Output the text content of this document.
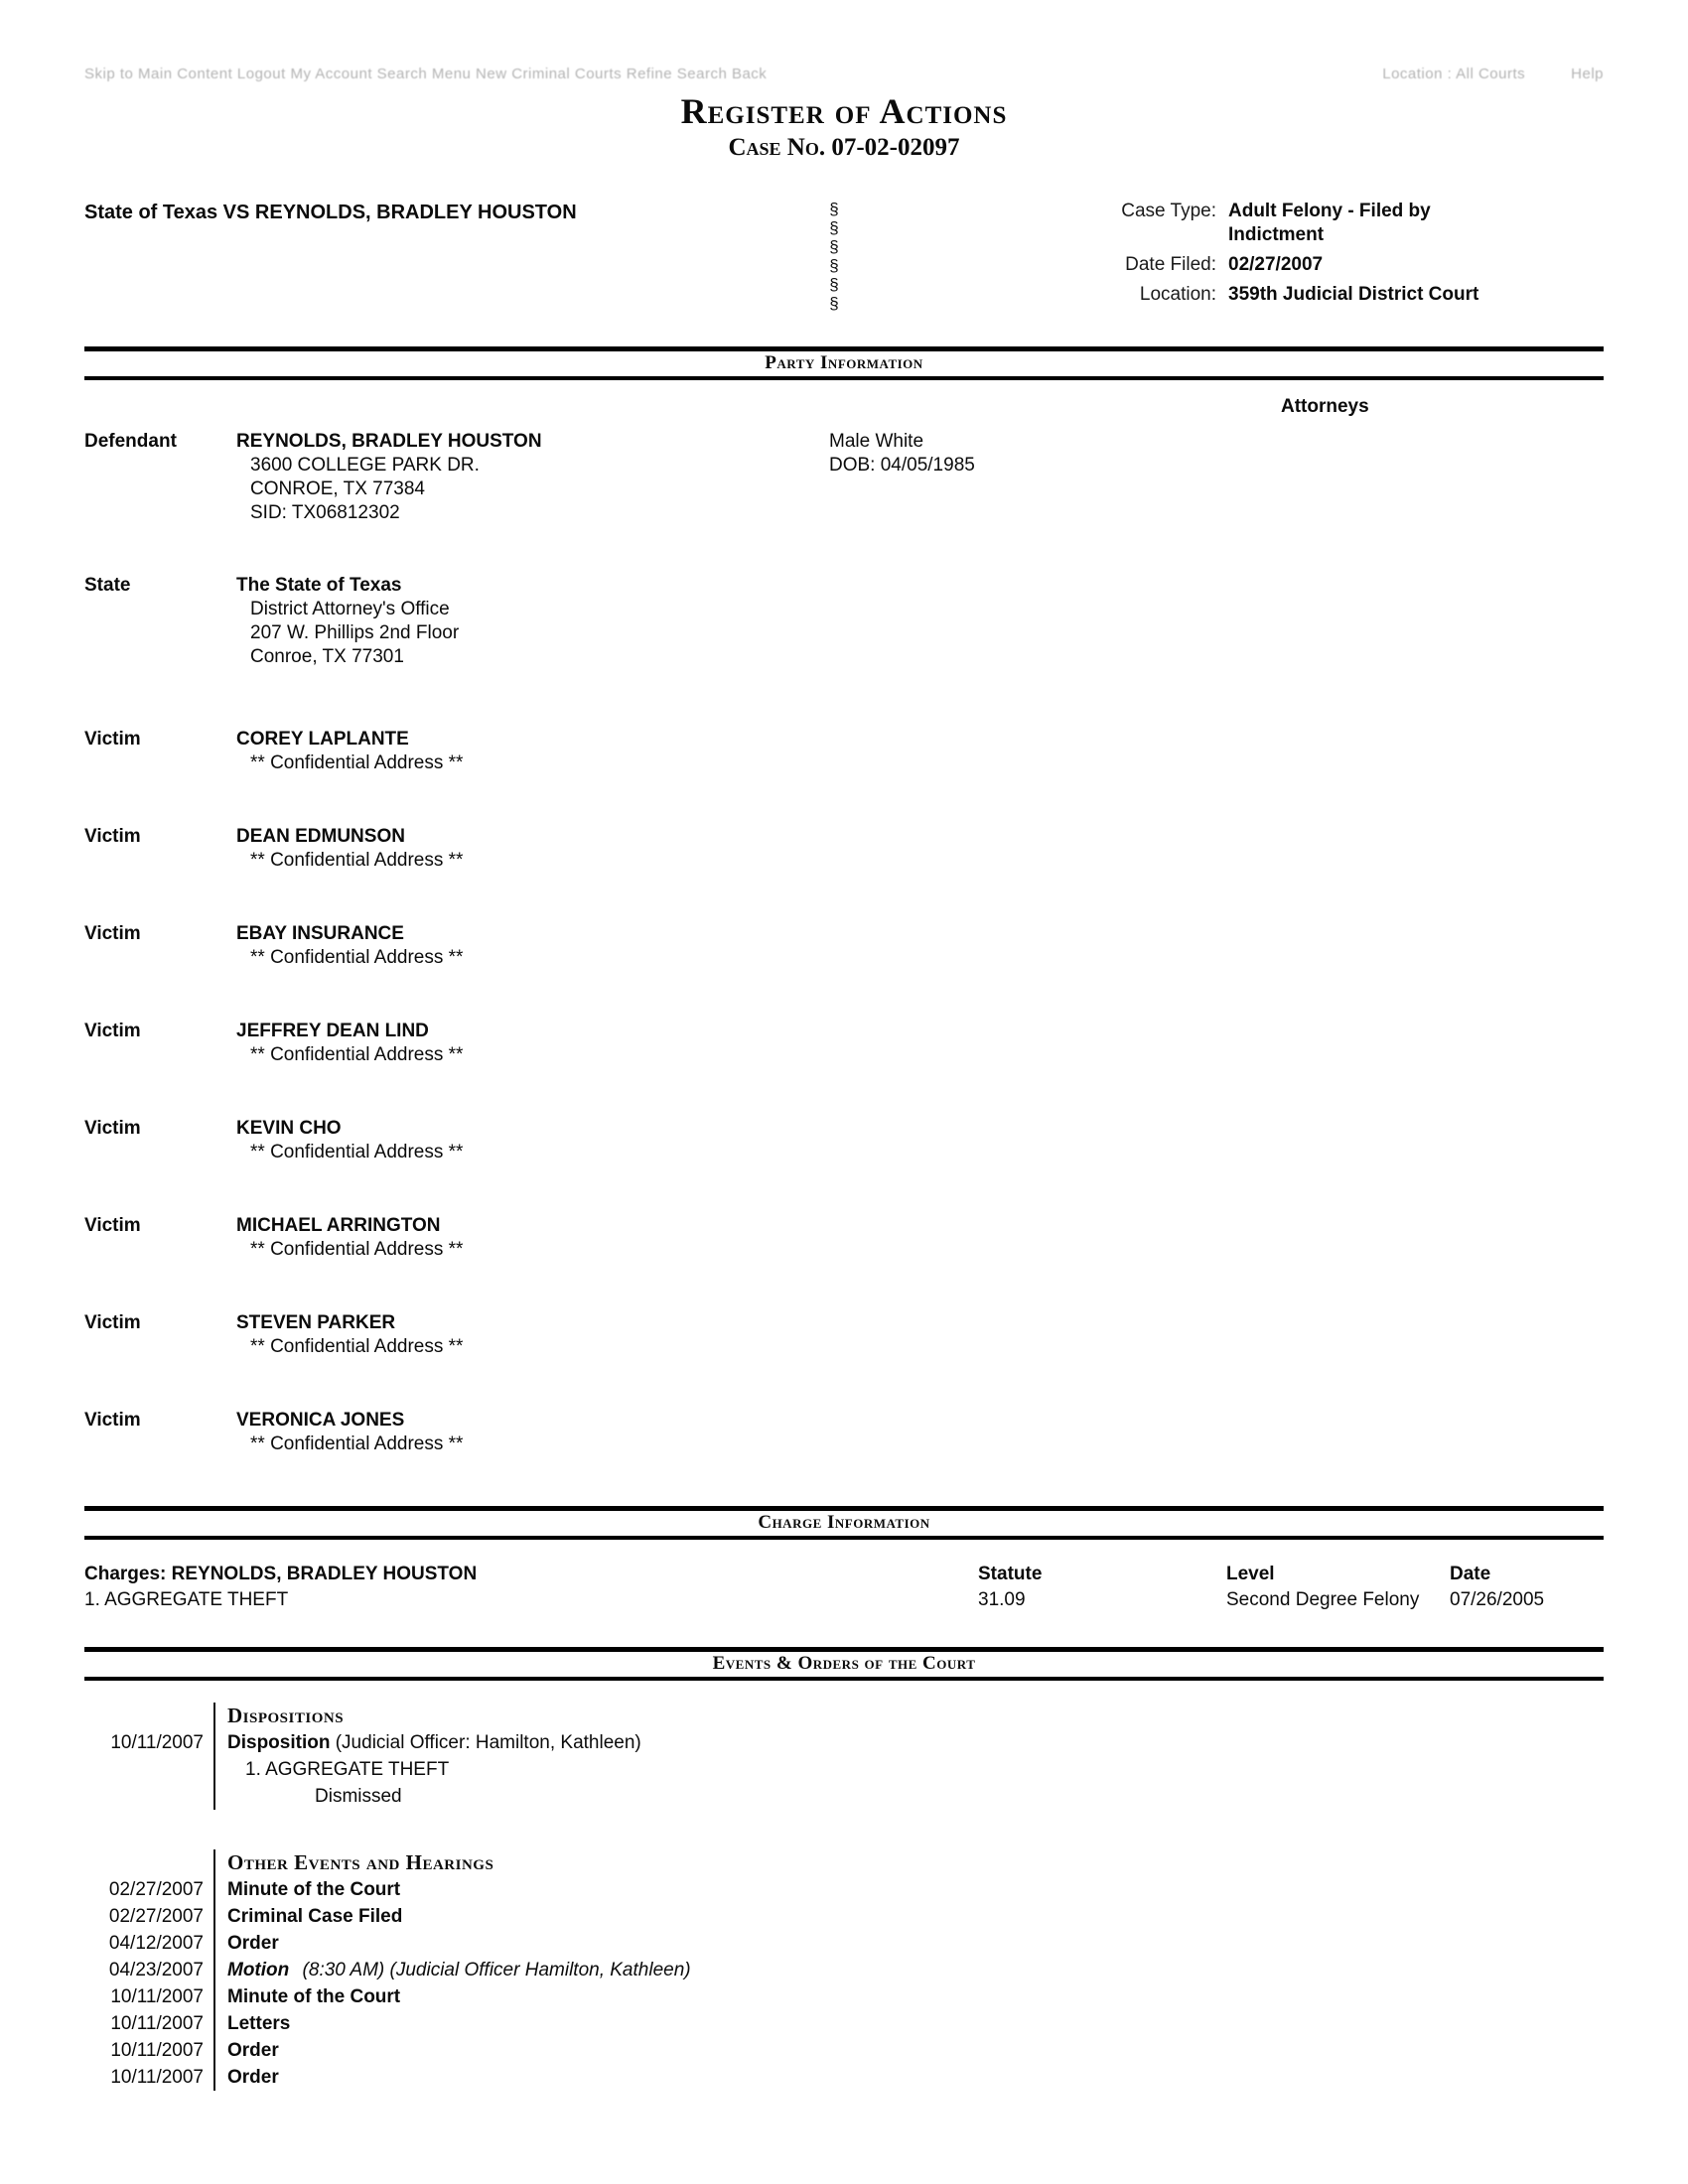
Skip to Main Content Logout My Account Search Menu New Criminal Courts Refine Search Back	Location : All Courts	Help
Register of Actions
Case No. 07-02-02097
State of Texas VS REYNOLDS, BRADLEY HOUSTON	§
§
§
§
§
§
Case Type: Adult Felony - Filed by Indictment
Date Filed: 02/27/2007
Location: 359th Judicial District Court
Party Information
Attorneys
Defendant	REYNOLDS, BRADLEY HOUSTON
3600 COLLEGE PARK DR.
CONROE, TX 77384
SID: TX06812302
Male White
DOB: 04/05/1985
State	The State of Texas
District Attorney's Office
207 W. Phillips 2nd Floor
Conroe, TX 77301
Victim	COREY LAPLANTE
** Confidential Address **
Victim	DEAN EDMUNSON
** Confidential Address **
Victim	EBAY INSURANCE
** Confidential Address **
Victim	JEFFREY DEAN LIND
** Confidential Address **
Victim	KEVIN CHO
** Confidential Address **
Victim	MICHAEL ARRINGTON
** Confidential Address **
Victim	STEVEN PARKER
** Confidential Address **
Victim	VERONICA JONES
** Confidential Address **
Charge Information
Charges: REYNOLDS, BRADLEY HOUSTON	Statute	Level	Date
1. AGGREGATE THEFT	31.09	Second Degree Felony	07/26/2005
Events & Orders of the Court
Dispositions
10/11/2007	Disposition (Judicial Officer: Hamilton, Kathleen)
1. AGGREGATE THEFT
Dismissed
Other Events and Hearings
02/27/2007	Minute of the Court
02/27/2007	Criminal Case Filed
04/12/2007	Order
04/23/2007	Motion (8:30 AM) (Judicial Officer Hamilton, Kathleen)
10/11/2007	Minute of the Court
10/11/2007	Letters
10/11/2007	Order
10/11/2007	Order
